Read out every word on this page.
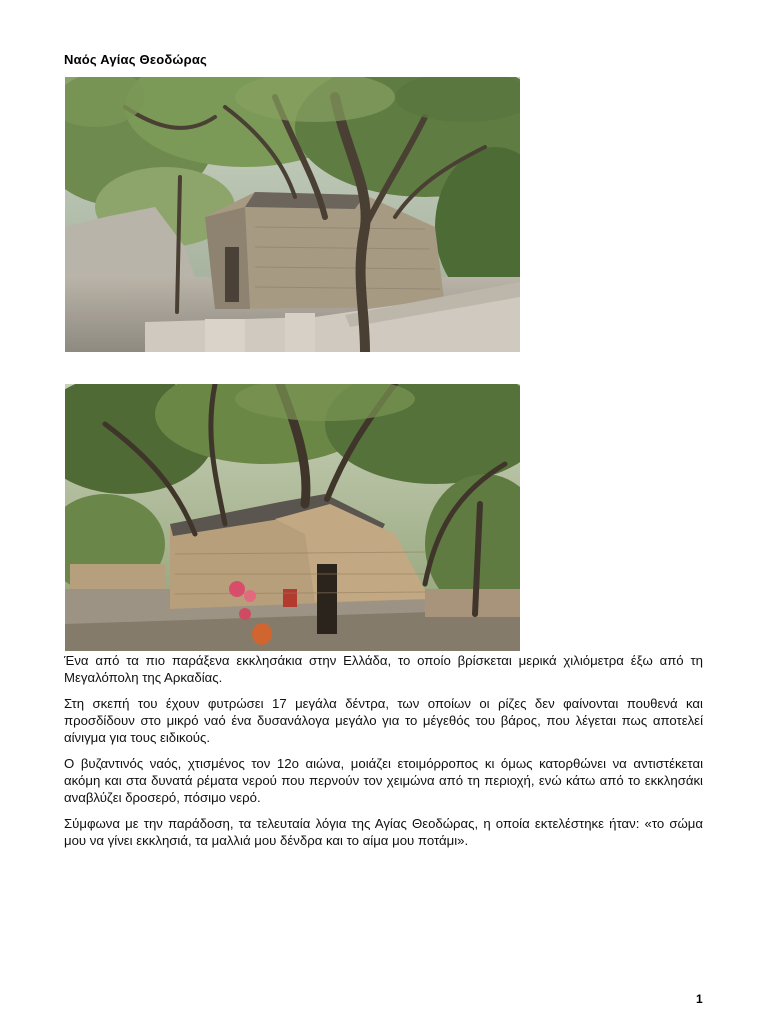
Ναός Αγίας Θεοδώρας

Ένα από τα πιο παράξενα εκκλησάκια στην Ελλάδα, το οποίο βρίσκεται μερικά χιλιόμετρα έξω από τη Μεγαλόπολη της Αρκαδίας.

Στη σκεπή του έχουν φυτρώσει 17 μεγάλα δέντρα, των οποίων οι ρίζες δεν φαίνονται πουθενά και προσδίδουν στο μικρό ναό ένα δυσανάλογα μεγάλο για το μέγεθός του βάρος, που λέγεται πως αποτελεί αίνιγμα για τους ειδικούς.

Ο βυζαντινός ναός, χτισμένος τον 12ο αιώνα, μοιάζει ετοιμόρροπος κι όμως κατορθώνει να αντιστέκεται ακόμη και στα δυνατά ρέματα νερού που περνούν τον χειμώνα από τη περιοχή, ενώ κάτω από το εκκλησάκι αναβλύζει δροσερό, πόσιμο νερό.

Σύμφωνα με την παράδοση, τα τελευταία λόγια της Αγίας Θεοδώρας, η οποία εκτελέστηκε ήταν: «το σώμα μου να γίνει εκκλησιά, τα μαλλιά μου δένδρα και το αίμα μου ποτάμι».

1
